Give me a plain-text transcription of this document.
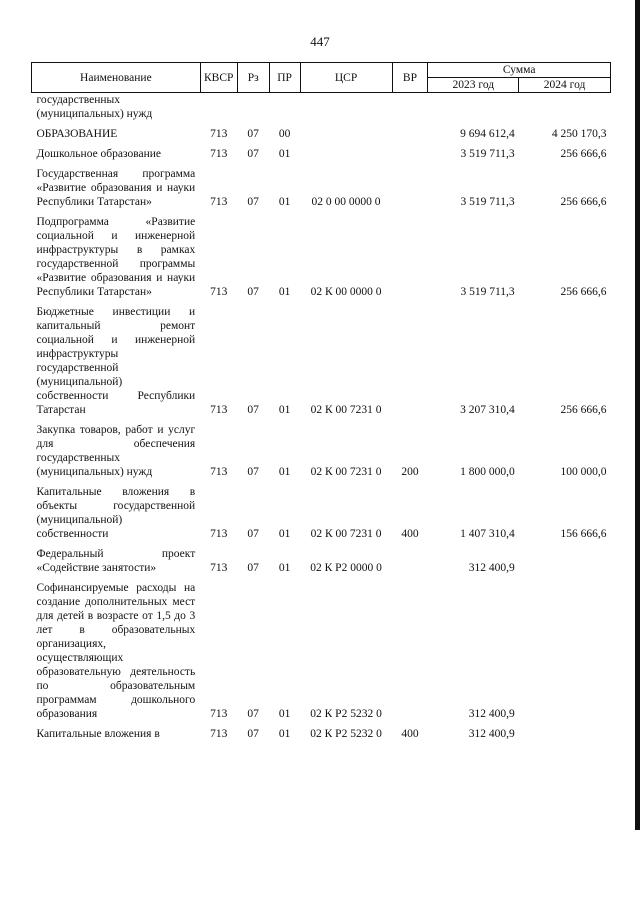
447
Наименование	КВСР	Рз	ПР	ЦСР	ВР	Сумма	
						2023 год	2024 год
государственных (муниципальных) нужд							
ОБРАЗОВАНИЕ	713	07	00			9 694 612,4	4 250 170,3
Дошкольное образование	713	07	01			3 519 711,3	256 666,6
Государственная программа «Развитие образования и науки Республики Татарстан»	713	07	01	02 0 00 0000 0		3 519 711,3	256 666,6
Подпрограмма «Развитие социальной и инженерной инфраструктуры в рамках государственной программы «Развитие образования и науки Республики Татарстан»	713	07	01	02 К 00 0000 0		3 519 711,3	256 666,6
Бюджетные инвестиции и капитальный ремонт социальной и инженерной инфраструктуры государственной (муниципальной) собственности Республики Татарстан	713	07	01	02 К 00 7231 0		3 207 310,4	256 666,6
Закупка товаров, работ и услуг для обеспечения государственных (муниципальных) нужд	713	07	01	02 К 00 7231 0	200	1 800 000,0	100 000,0
Капитальные вложения в объекты государственной (муниципальной) собственности	713	07	01	02 К 00 7231 0	400	1 407 310,4	156 666,6
Федеральный проект «Содействие занятости»	713	07	01	02 К P2 0000 0		312 400,9	
Софинансируемые расходы на создание дополнительных мест для детей в возрасте от 1,5 до 3 лет в образовательных организациях, осуществляющих образовательную деятельность по образовательным программам дошкольного образования	713	07	01	02 К P2 5232 0		312 400,9	
Капитальные вложения в	713	07	01	02 К P2 5232 0	400	312 400,9	
